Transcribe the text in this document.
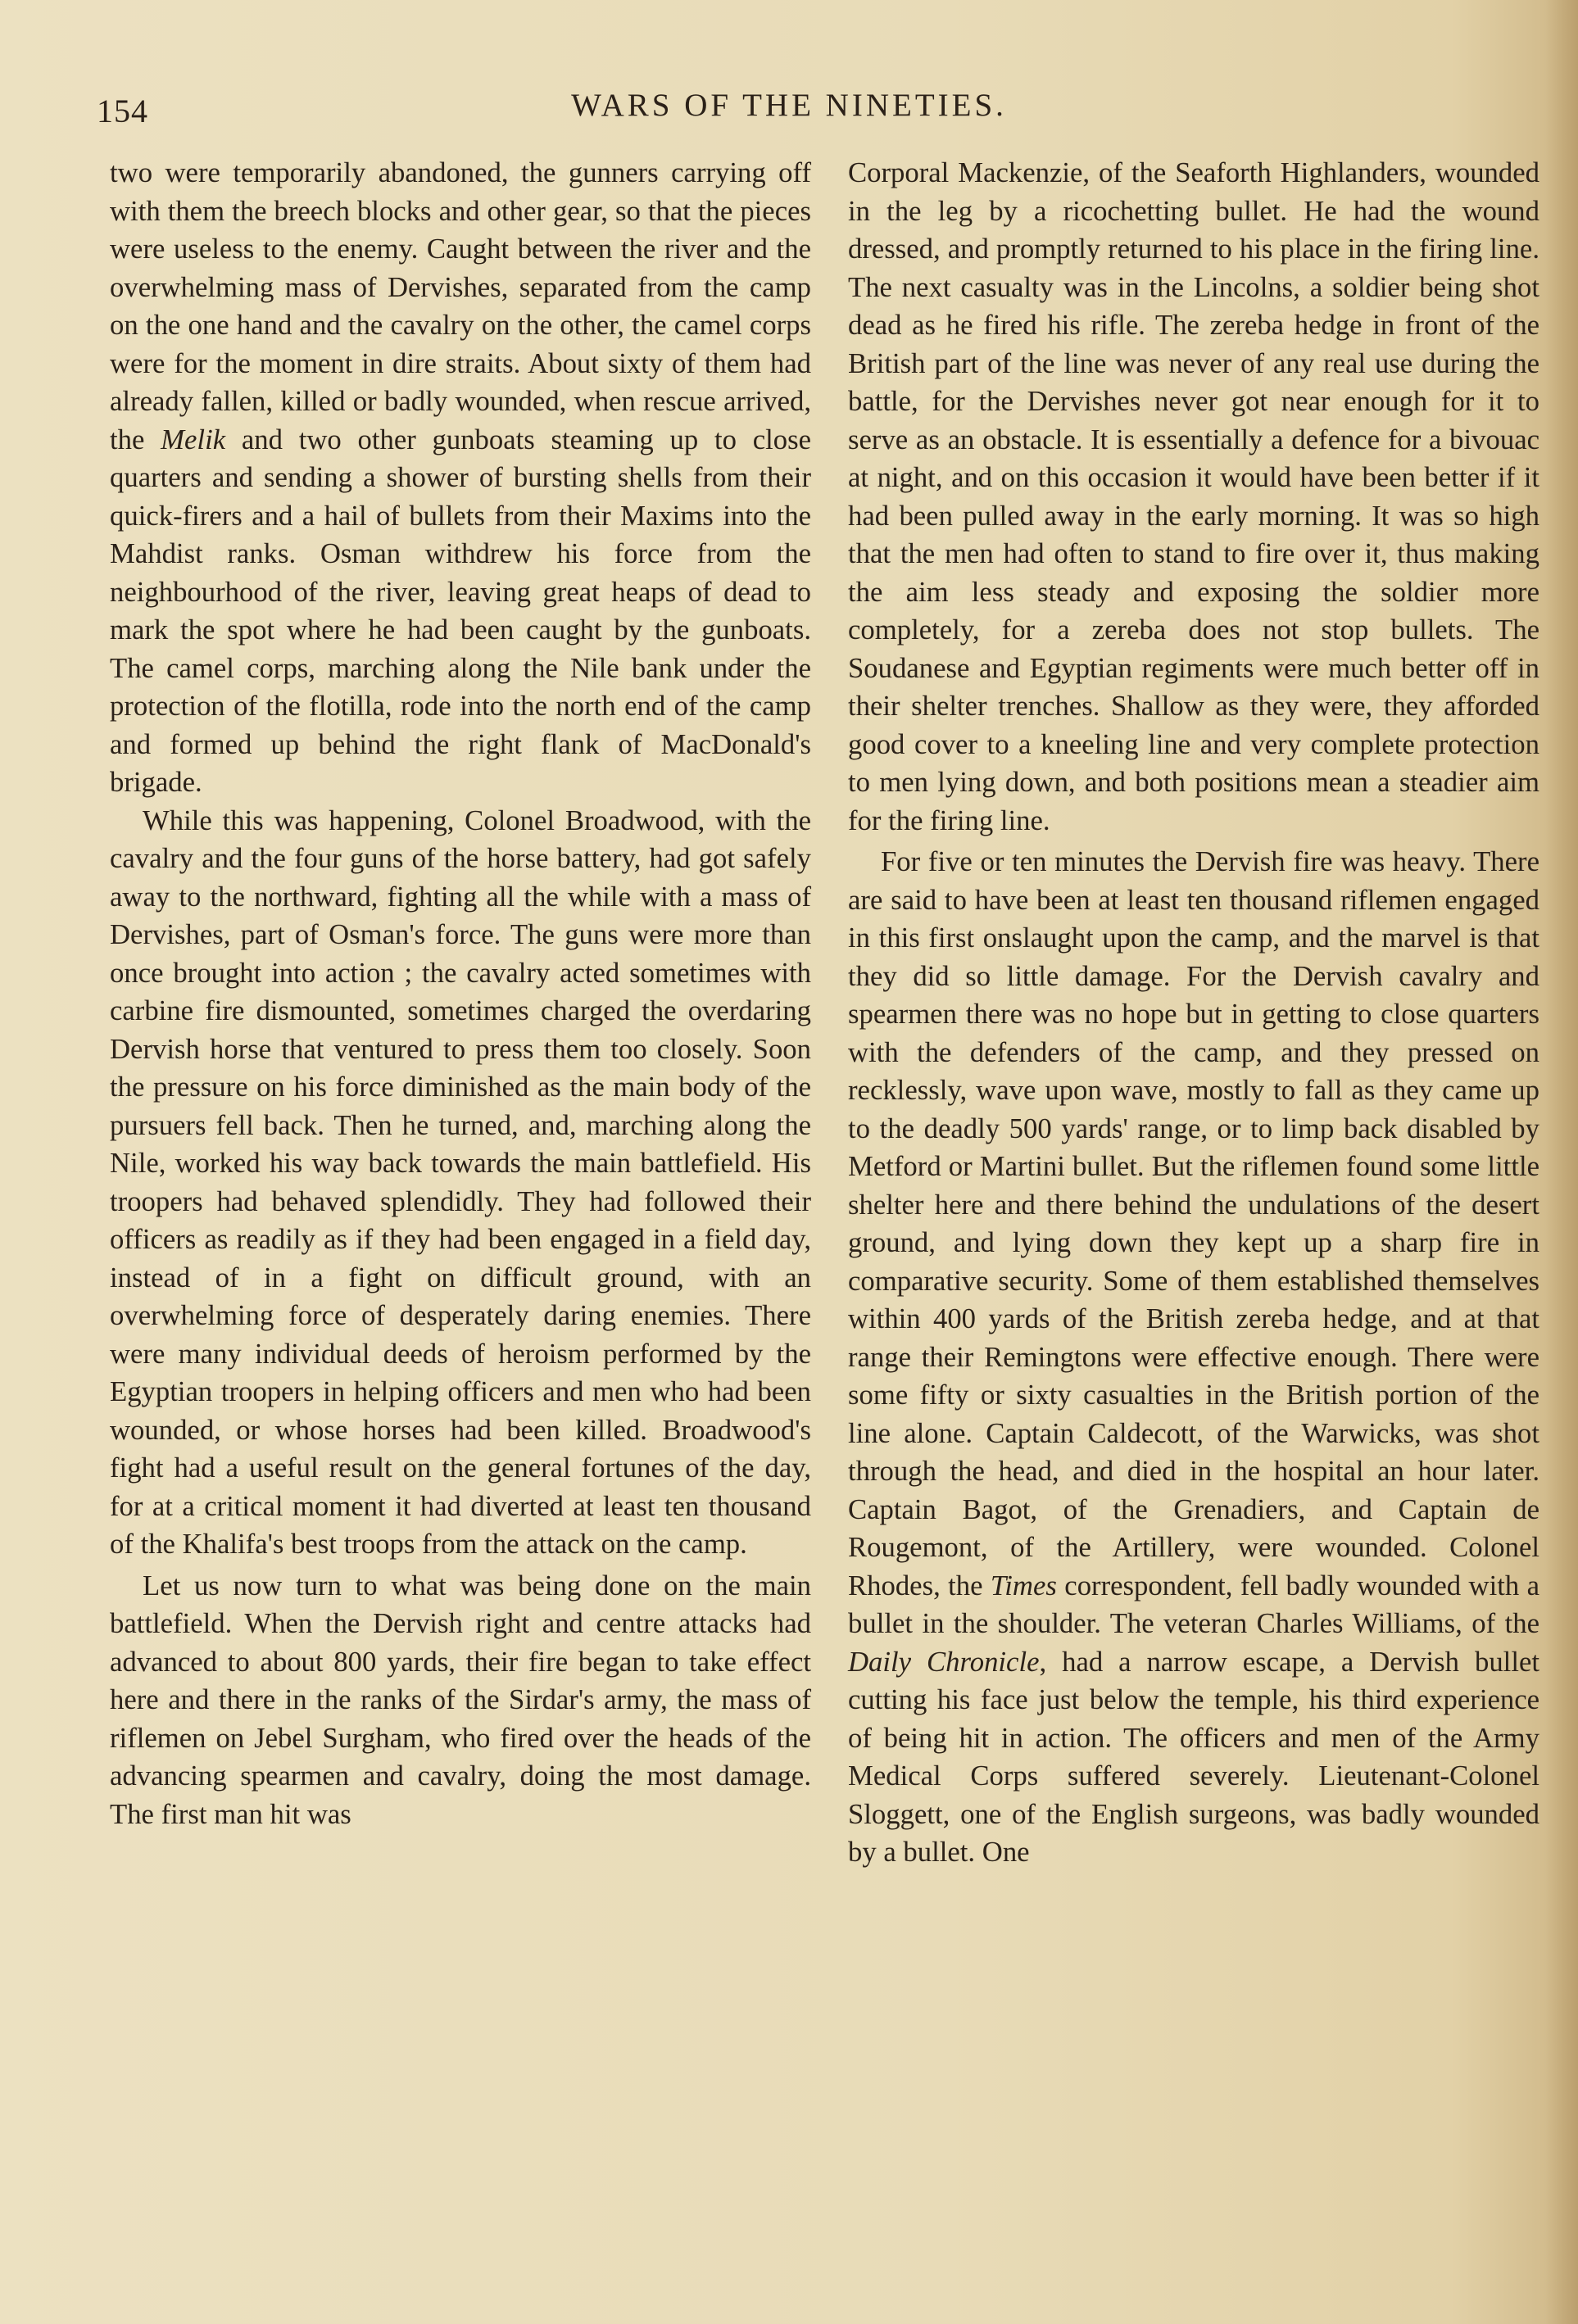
154	WARS OF THE NINETIES.

two were temporarily abandoned, the gunners carrying off with them the breech blocks and other gear, so that the pieces were useless to the enemy. Caught between the river and the overwhelming mass of Dervishes, separated from the camp on the one hand and the cavalry on the other, the camel corps were for the moment in dire straits. About sixty of them had already fallen, killed or badly wounded, when rescue arrived, the Melik and two other gunboats steaming up to close quarters and sending a shower of bursting shells from their quick-firers and a hail of bullets from their Maxims into the Mahdist ranks. Osman withdrew his force from the neighbourhood of the river, leaving great heaps of dead to mark the spot where he had been caught by the gunboats. The camel corps, marching along the Nile bank under the protection of the flotilla, rode into the north end of the camp and formed up behind the right flank of MacDonald's brigade.

While this was happening, Colonel Broadwood, with the cavalry and the four guns of the horse battery, had got safely away to the northward, fighting all the while with a mass of Dervishes, part of Osman's force. The guns were more than once brought into action ; the cavalry acted sometimes with carbine fire dismounted, sometimes charged the overdaring Dervish horse that ventured to press them too closely. Soon the pressure on his force diminished as the main body of the pursuers fell back. Then he turned, and, marching along the Nile, worked his way back towards the main battlefield. His troopers had behaved splendidly. They had followed their officers as readily as if they had been engaged in a field day, instead of in a fight on difficult ground, with an overwhelming force of desperately daring enemies. There were many individual deeds of heroism performed by the Egyptian troopers in helping officers and men who had been wounded, or whose horses had been killed. Broadwood's fight had a useful result on the general fortunes of the day, for at a critical moment it had diverted at least ten thousand of the Khalifa's best troops from the attack on the camp.

Let us now turn to what was being done on the main battlefield. When the Dervish right and centre attacks had advanced to about 800 yards, their fire began to take effect here and there in the ranks of the Sirdar's army, the mass of riflemen on Jebel Surgham, who fired over the heads of the advancing spearmen and cavalry, doing the most damage. The first man hit was

Corporal Mackenzie, of the Seaforth Highlanders, wounded in the leg by a ricochetting bullet. He had the wound dressed, and promptly returned to his place in the firing line. The next casualty was in the Lincolns, a soldier being shot dead as he fired his rifle. The zereba hedge in front of the British part of the line was never of any real use during the battle, for the Dervishes never got near enough for it to serve as an obstacle. It is essentially a defence for a bivouac at night, and on this occasion it would have been better if it had been pulled away in the early morning. It was so high that the men had often to stand to fire over it, thus making the aim less steady and exposing the soldier more completely, for a zereba does not stop bullets. The Soudanese and Egyptian regiments were much better off in their shelter trenches. Shallow as they were, they afforded good cover to a kneeling line and very complete protection to men lying down, and both positions mean a steadier aim for the firing line.

For five or ten minutes the Dervish fire was heavy. There are said to have been at least ten thousand riflemen engaged in this first onslaught upon the camp, and the marvel is that they did so little damage. For the Dervish cavalry and spearmen there was no hope but in getting to close quarters with the defenders of the camp, and they pressed on recklessly, wave upon wave, mostly to fall as they came up to the deadly 500 yards' range, or to limp back disabled by Metford or Martini bullet. But the riflemen found some little shelter here and there behind the undulations of the desert ground, and lying down they kept up a sharp fire in comparative security. Some of them established themselves within 400 yards of the British zereba hedge, and at that range their Remingtons were effective enough. There were some fifty or sixty casualties in the British portion of the line alone. Captain Caldecott, of the Warwicks, was shot through the head, and died in the hospital an hour later. Captain Bagot, of the Grenadiers, and Captain de Rougemont, of the Artillery, were wounded. Colonel Rhodes, the Times correspondent, fell badly wounded with a bullet in the shoulder. The veteran Charles Williams, of the Daily Chronicle, had a narrow escape, a Dervish bullet cutting his face just below the temple, his third experience of being hit in action. The officers and men of the Army Medical Corps suffered severely. Lieutenant-Colonel Sloggett, one of the English surgeons, was badly wounded by a bullet. One
